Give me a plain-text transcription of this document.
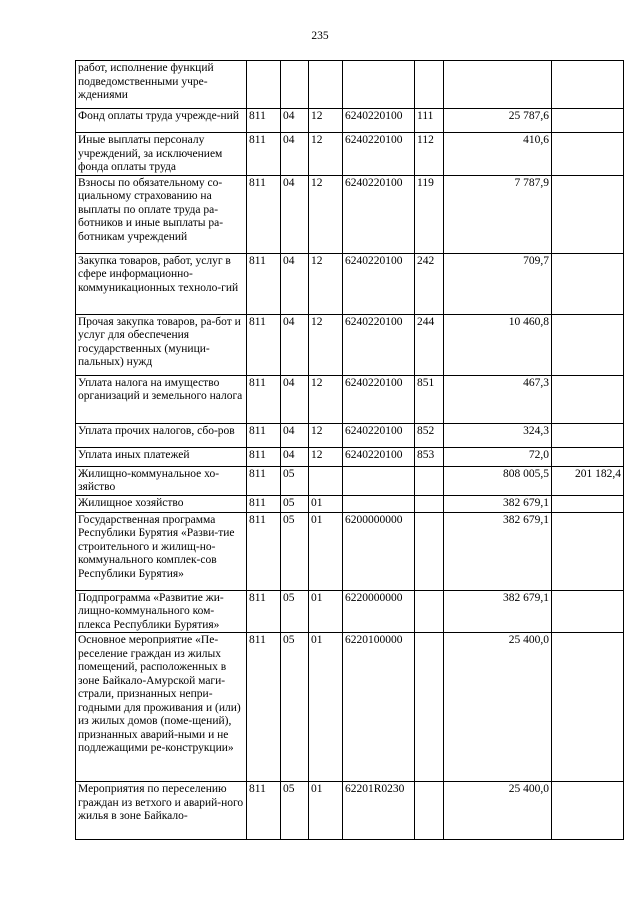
235
работ, исполнение функций подведомственными учре-ждениями							
Фонд оплаты труда учрежде-ний	811	04	12	6240220100	111	25 787,6	
Иные выплаты персоналу учреждений, за исключением фонда оплаты труда	811	04	12	6240220100	112	410,6	
Взносы по обязательному со-циальному страхованию на выплаты по оплате труда ра-ботников и иные выплаты ра-ботникам учреждений	811	04	12	6240220100	119	7 787,9	
Закупка товаров, работ, услуг в сфере информационно-коммуникационных техноло-гий	811	04	12	6240220100	242	709,7	
Прочая закупка товаров, ра-бот и услуг для обеспечения государственных (муници-пальных) нужд	811	04	12	6240220100	244	10 460,8	
Уплата налога на имущество организаций и земельного налога	811	04	12	6240220100	851	467,3	
Уплата прочих налогов, сбо-ров	811	04	12	6240220100	852	324,3	
Уплата иных платежей	811	04	12	6240220100	853	72,0	
Жилищно-коммунальное хо-зяйство	811	05				808 005,5	201 182,4
Жилищное хозяйство	811	05	01			382 679,1	
Государственная программа Республики Бурятия «Разви-тие строительного и жилищ-но-коммунального комплек-сов Республики Бурятия»	811	05	01	6200000000		382 679,1	
Подпрограмма «Развитие жи-лищно-коммунального ком-плекса Республики Бурятия»	811	05	01	6220000000		382 679,1	
Основное мероприятие «Пе-реселение граждан из жилых помещений, расположенных в зоне Байкало-Амурской маги-страли, признанных непри-годными для проживания и (или) из жилых домов (поме-щений), признанных аварий-ными и не подлежащими ре-конструкции»	811	05	01	6220100000		25 400,0	
Мероприятия по переселению граждан из ветхого и аварий-ного жилья в зоне Байкало-	811	05	01	62201R0230		25 400,0	
